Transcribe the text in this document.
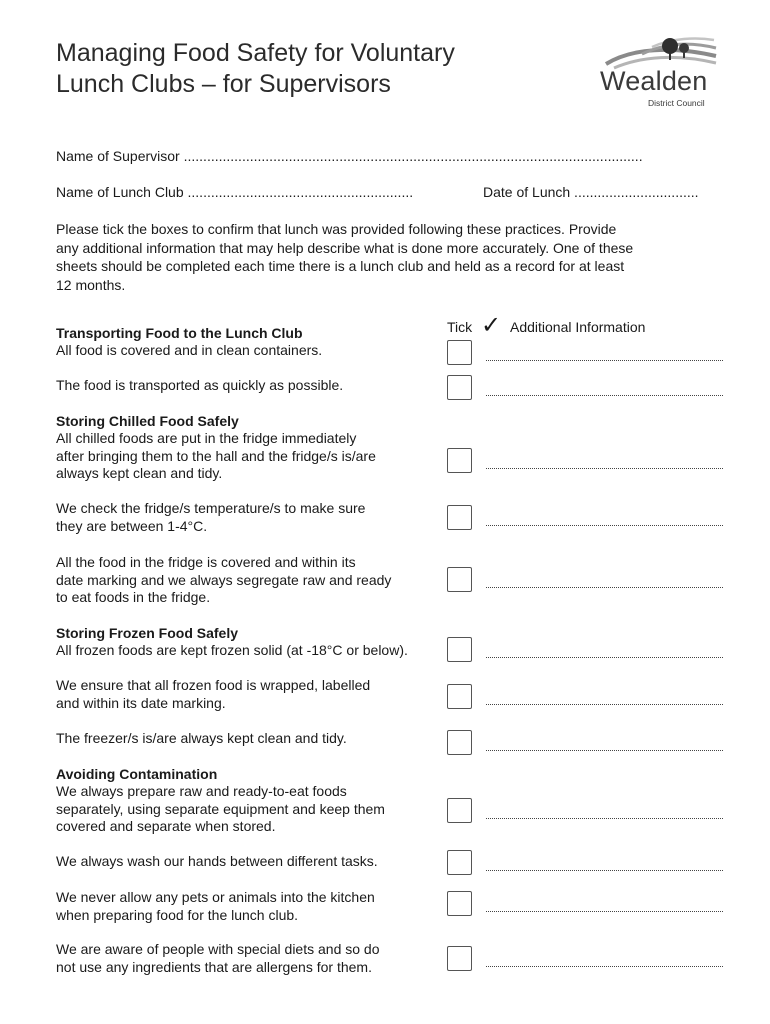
Managing Food Safety for Voluntary
Lunch Clubs – for Supervisors	Wealden
District Council
Name of Supervisor ......................................................................................................................
Name of Lunch Club ..........................................................	Date of Lunch ................................

Please tick the boxes to confirm that lunch was provided following these practices. Provide
any additional information that may help describe what is done more accurately. One of these
sheets should be completed each time there is a lunch club and held as a record for at least
12 months.

Tick ✓ Additional Information
Transporting Food to the Lunch Club

All food is covered and in clean containers.

The food is transported as quickly as possible.

Storing Chilled Food Safely

All chilled foods are put in the fridge immediately
after bringing them to the hall and the fridge/s is/are
always kept clean and tidy.

We check the fridge/s temperature/s to make sure
they are between 1-4°C.

All the food in the fridge is covered and within its
date marking and we always segregate raw and ready
to eat foods in the fridge.

Storing Frozen Food Safely

All frozen foods are kept frozen solid (at -18°C or below).

We ensure that all frozen food is wrapped, labelled
and within its date marking.

The freezer/s is/are always kept clean and tidy.

Avoiding Contamination

We always prepare raw and ready-to-eat foods
separately, using separate equipment and keep them
covered and separate when stored.

We always wash our hands between different tasks.

We never allow any pets or animals into the kitchen
when preparing food for the lunch club.

We are aware of people with special diets and so do
not use any ingredients that are allergens for them.
